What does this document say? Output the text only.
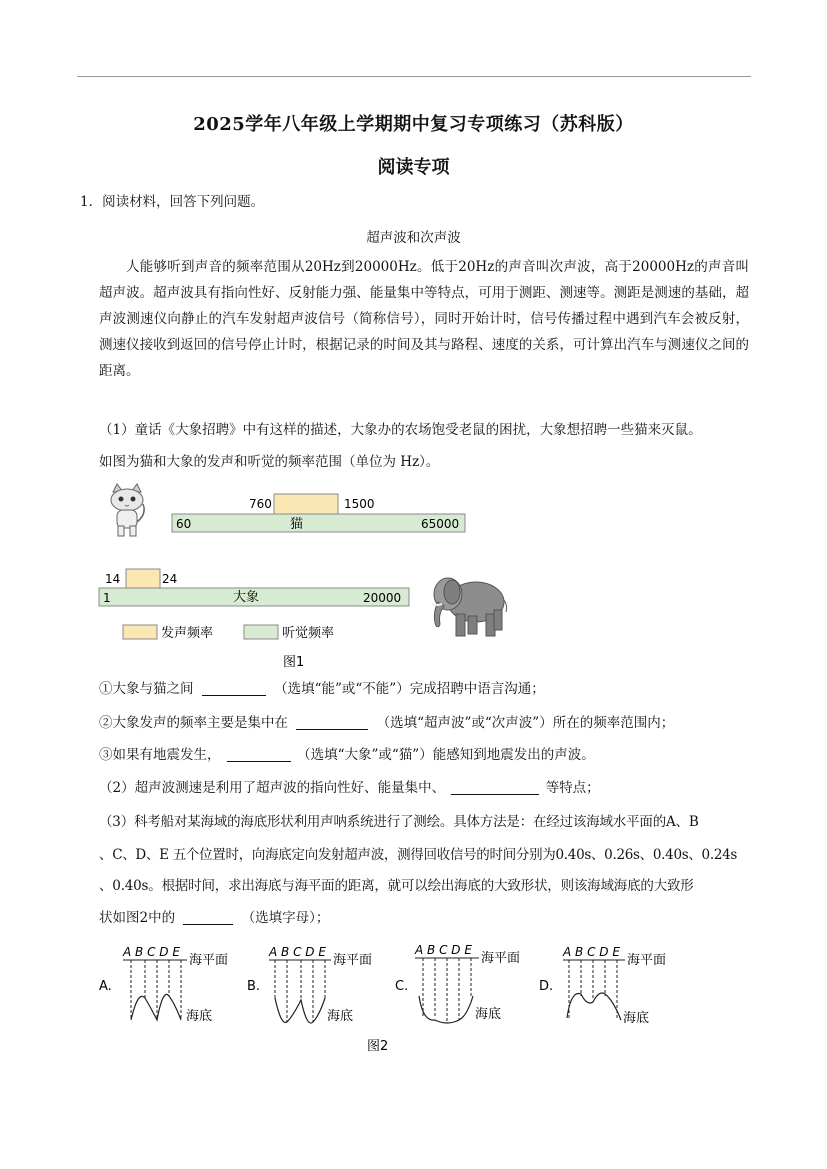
2025学年八年级上学期期中复习专项练习（苏科版）
阅读专项
1．阅读材料，回答下列问题。
超声波和次声波
人能够听到声音的频率范围从20Hz到20000Hz。低于20Hz的声音叫次声波，高于20000Hz的声音叫超声波。超声波具有指向性好、反射能力强、能量集中等特点，可用于测距、测速等。测距是测速的基础，超声波测速仪向静止的汽车发射超声波信号（简称信号），同时开始计时，信号传播过程中遇到汽车会被反射，测速仪接收到返回的信号停止计时，根据记录的时间及其与路程、速度的关系，可计算出汽车与测速仪之间的距离。
（1）童话《大象招聘》中有这样的描述，大象办的农场饱受老鼠的困扰，大象想招聘一些猫来灭鼠。
如图为猫和大象的发声和听觉的频率范围（单位为 Hz）。
760	1500
60	猫	65000
14	24
1	大象	20000
发声频率	听觉频率
图1
①大象与猫之间	（选填“能”或“不能”）完成招聘中语言沟通；
②大象发声的频率主要是集中在	（选填“超声波”或“次声波”）所在的频率范围内；
③如果有地震发生，	（选填“大象”或“猫”）能感知到地震发出的声波。
（2）超声波测速是利用了超声波的指向性好、能量集中、	等特点；
（3）科考船对某海域的海底形状利用声呐系统进行了测绘。具体方法是：在经过该海域水平面的A、B
、C、D、E 五个位置时，向海底定向发射超声波，测得回收信号的时间分别为0.40s、0.26s、0.40s、0.24s
、0.40s。根据时间，求出海底与海平面的距离，就可以绘出海底的大致形状，则该海域海底的大致形
状如图2中的	（选填字母）；
A.
A B C D E
海平面
海底
B.
A B C D E
海平面
海底
C.
A B C D E
海平面
海底
D.
A B C D E
海平面
海底
图2
